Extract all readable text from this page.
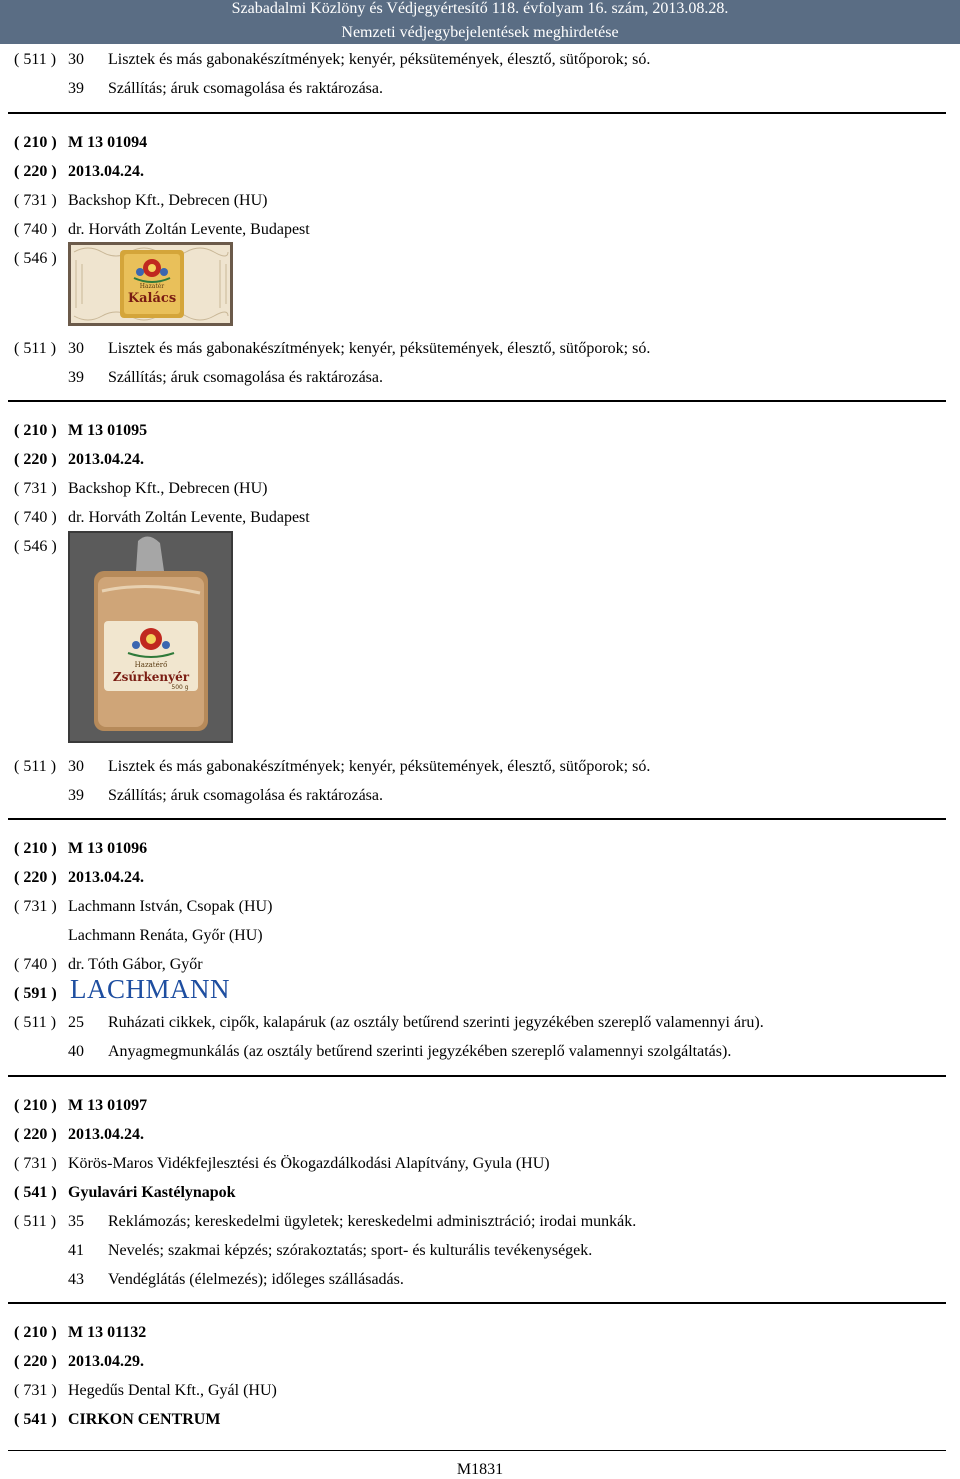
Szabadalmi Közlöny és Védjegyértesítő 118. évfolyam 16. szám, 2013.08.28.
Nemzeti védjegybejelentések meghirdetése
( 511 ) 30 Lisztek és más gabonakészítmények; kenyér, péksütemények, élesztő, sütőporok; só.
39 Szállítás; áruk csomagolása és raktározása.
( 210 ) M 13 01094
( 220 ) 2013.04.24.
( 731 ) Backshop Kft., Debrecen (HU)
( 740 ) dr. Horváth Zoltán Levente, Budapest
( 546 )
Hazatér
Kalács
( 511 ) 30 Lisztek és más gabonakészítmények; kenyér, péksütemények, élesztő, sütőporok; só.
39 Szállítás; áruk csomagolása és raktározása.
( 210 ) M 13 01095
( 220 ) 2013.04.24.
( 731 ) Backshop Kft., Debrecen (HU)
( 740 ) dr. Horváth Zoltán Levente, Budapest
( 546 )
Hazatérő
Zsúrkenyér
500 g
( 511 ) 30 Lisztek és más gabonakészítmények; kenyér, péksütemények, élesztő, sütőporok; só.
39 Szállítás; áruk csomagolása és raktározása.
( 210 ) M 13 01096
( 220 ) 2013.04.24.
( 731 ) Lachmann István, Csopak (HU)
Lachmann Renáta, Győr (HU)
( 740 ) dr. Tóth Gábor, Győr
( 591 ) LACHMANN
( 511 ) 25 Ruházati cikkek, cipők, kalapáruk (az osztály betűrend szerinti jegyzékében szereplő valamennyi áru).
40 Anyagmegmunkálás (az osztály betűrend szerinti jegyzékében szereplő valamennyi szolgáltatás).
( 210 ) M 13 01097
( 220 ) 2013.04.24.
( 731 ) Körös-Maros Vidékfejlesztési és Ökogazdálkodási Alapítvány, Gyula (HU)
( 541 ) Gyulavári Kastélynapok
( 511 ) 35 Reklámozás; kereskedelmi ügyletek; kereskedelmi adminisztráció; irodai munkák.
41 Nevelés; szakmai képzés; szórakoztatás; sport- és kulturális tevékenységek.
43 Vendéglátás (élelmezés); időleges szállásadás.
( 210 ) M 13 01132
( 220 ) 2013.04.29.
( 731 ) Hegedűs Dental Kft., Gyál (HU)
( 541 ) CIRKON CENTRUM
M1831
